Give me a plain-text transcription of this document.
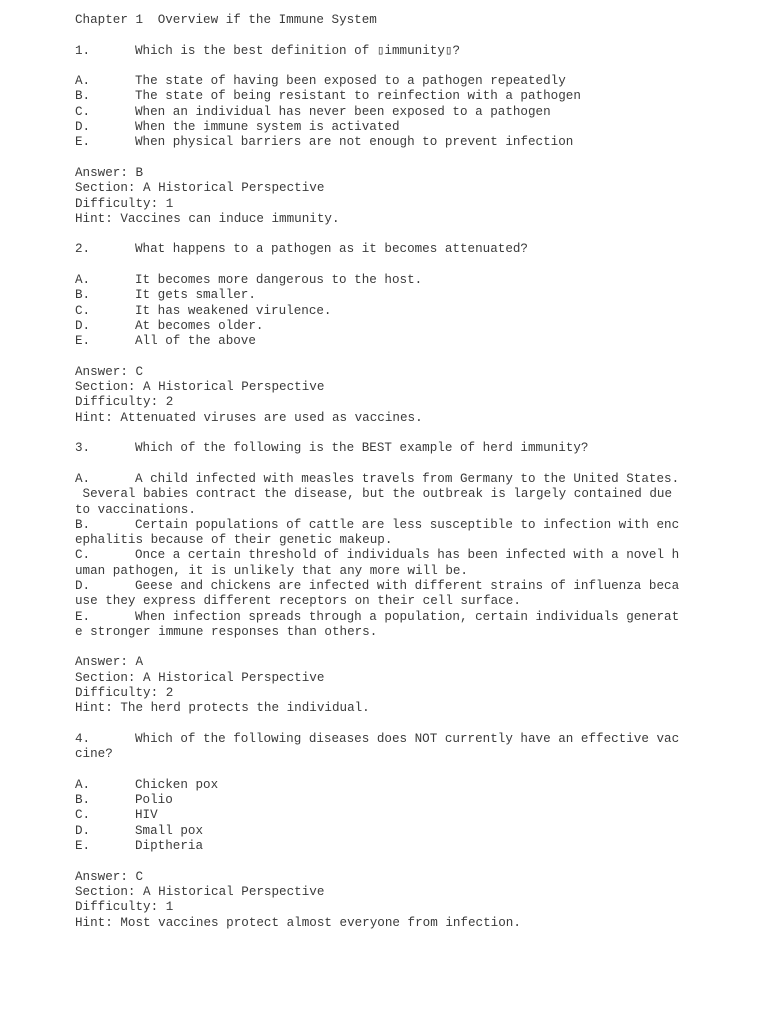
Chapter 1 Overview if the Immune System
1.	Which is the best definition of ▯immunity▯?
A.	The state of having been exposed to a pathogen repeatedly
B.	The state of being resistant to reinfection with a pathogen
C.	When an individual has never been exposed to a pathogen
D.	When the immune system is activated
E.	When physical barriers are not enough to prevent infection
Answer: B
Section: A Historical Perspective
Difficulty: 1
Hint: Vaccines can induce immunity.
2.	What happens to a pathogen as it becomes attenuated?
A.	It becomes more dangerous to the host.
B.	It gets smaller.
C.	It has weakened virulence.
D.	At becomes older.
E.	All of the above
Answer: C
Section: A Historical Perspective
Difficulty: 2
Hint: Attenuated viruses are used as vaccines.
3.	Which of the following is the BEST example of herd immunity?
A.	A child infected with measles travels from Germany to the United States.
Several babies contract the disease, but the outbreak is largely contained due
to vaccinations.
B.	Certain populations of cattle are less susceptible to infection with enc
ephalitis because of their genetic makeup.
C.	Once a certain threshold of individuals has been infected with a novel h
uman pathogen, it is unlikely that any more will be.
D.	Geese and chickens are infected with different strains of influenza beca
use they express different receptors on their cell surface.
E.	When infection spreads through a population, certain individuals generat
e stronger immune responses than others.
Answer: A
Section: A Historical Perspective
Difficulty: 2
Hint: The herd protects the individual.
4.	Which of the following diseases does NOT currently have an effective vac
cine?
A.	Chicken pox
B.	Polio
C.	HIV
D.	Small pox
E.	Diptheria
Answer: C
Section: A Historical Perspective
Difficulty: 1
Hint: Most vaccines protect almost everyone from infection.
